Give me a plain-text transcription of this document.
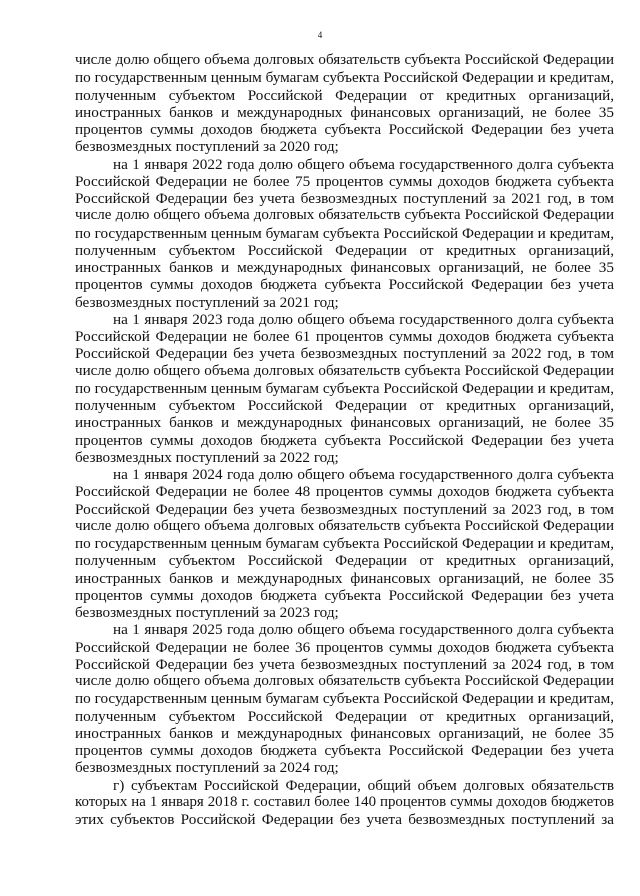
4
числе долю общего объема долговых обязательств субъекта Российской Федерации
по государственным ценным бумагам субъекта Российской Федерации и кредитам,
полученным субъектом Российской Федерации от кредитных организаций,
иностранных банков и международных финансовых организаций, не более 35
процентов суммы доходов бюджета субъекта Российской Федерации без учета
безвозмездных поступлений за 2020 год;
на 1 января 2022 года долю общего объема государственного долга субъекта
Российской Федерации не более 75 процентов суммы доходов бюджета субъекта
Российской Федерации без учета безвозмездных поступлений за 2021 год, в том
числе долю общего объема долговых обязательств субъекта Российской Федерации
по государственным ценным бумагам субъекта Российской Федерации и кредитам,
полученным субъектом Российской Федерации от кредитных организаций,
иностранных банков и международных финансовых организаций, не более 35
процентов суммы доходов бюджета субъекта Российской Федерации без учета
безвозмездных поступлений за 2021 год;
на 1 января 2023 года долю общего объема государственного долга субъекта
Российской Федерации не более 61 процентов суммы доходов бюджета субъекта
Российской Федерации без учета безвозмездных поступлений за 2022 год, в том
числе долю общего объема долговых обязательств субъекта Российской Федерации
по государственным ценным бумагам субъекта Российской Федерации и кредитам,
полученным субъектом Российской Федерации от кредитных организаций,
иностранных банков и международных финансовых организаций, не более 35
процентов суммы доходов бюджета субъекта Российской Федерации без учета
безвозмездных поступлений за 2022 год;
на 1 января 2024 года долю общего объема государственного долга субъекта
Российской Федерации не более 48 процентов суммы доходов бюджета субъекта
Российской Федерации без учета безвозмездных поступлений за 2023 год, в том
числе долю общего объема долговых обязательств субъекта Российской Федерации
по государственным ценным бумагам субъекта Российской Федерации и кредитам,
полученным субъектом Российской Федерации от кредитных организаций,
иностранных банков и международных финансовых организаций, не более 35
процентов суммы доходов бюджета субъекта Российской Федерации без учета
безвозмездных поступлений за 2023 год;
на 1 января 2025 года долю общего объема государственного долга субъекта
Российской Федерации не более 36 процентов суммы доходов бюджета субъекта
Российской Федерации без учета безвозмездных поступлений за 2024 год, в том
числе долю общего объема долговых обязательств субъекта Российской Федерации
по государственным ценным бумагам субъекта Российской Федерации и кредитам,
полученным субъектом Российской Федерации от кредитных организаций,
иностранных банков и международных финансовых организаций, не более 35
процентов суммы доходов бюджета субъекта Российской Федерации без учета
безвозмездных поступлений за 2024 год;
г) субъектам Российской Федерации, общий объем долговых обязательств
которых на 1 января 2018 г. составил более 140 процентов суммы доходов бюджетов
этих субъектов Российской Федерации без учета безвозмездных поступлений за
